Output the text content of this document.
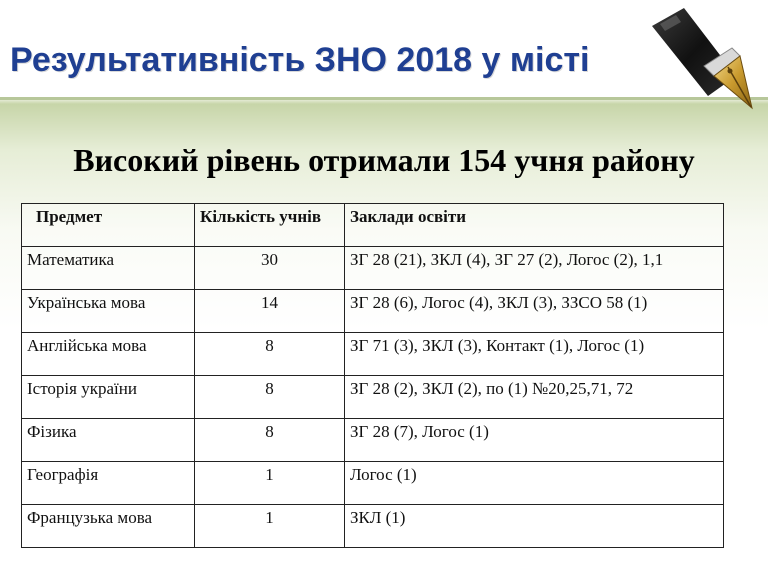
Результативність ЗНО 2018 у місті
Високий рівень отримали 154 учня району
Предмет	Кількість учнів	Заклади освіти
Математика	30	ЗГ 28 (21), ЗКЛ (4), ЗГ 27 (2), Логос (2), 1,1
Українська мова	14	ЗГ 28 (6), Логос (4), ЗКЛ (3), ЗЗСО 58 (1)
Англійська мова	8	ЗГ 71 (3), ЗКЛ (3), Контакт (1), Логос (1)
Історія україни	8	ЗГ 28 (2), ЗКЛ (2), по (1) №20,25,71, 72
Фізика	8	ЗГ 28 (7), Логос (1)
Географія	1	Логос (1)
Французька мова	1	ЗКЛ (1)
